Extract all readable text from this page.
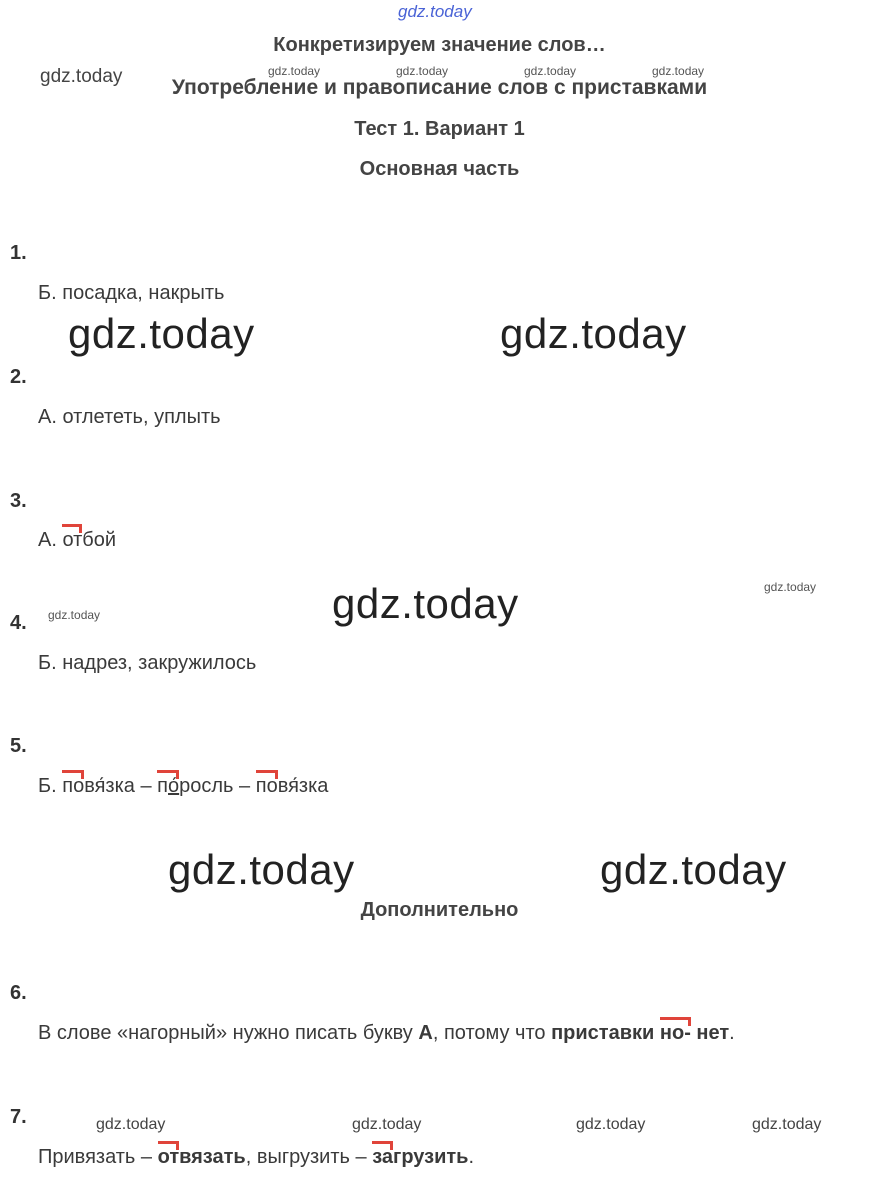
gdz.today
gdz.today	gdz.today	gdz.today	gdz.today	gdz.today
gdz.today	gdz.today
gdz.today	gdz.today
gdz.today
gdz.today	gdz.today
gdz.today	gdz.today	gdz.today	gdz.today
Конкретизируем значение слов…
Употребление и правописание слов с приставками
Тест 1. Вариант 1
Основная часть
1.
Б. посадка, накрыть
2.
А. отлететь, уплыть
3.
А. отбой
4.
Б. надрез, закружилось
5.
Б. повя́зка – по́росль – повя́зка
Дополнительно
6.
В слове «нагорный» нужно писать букву А, потому что приставки но- нет.
7.
Привязать – отвязать, выгрузить – загрузить.
